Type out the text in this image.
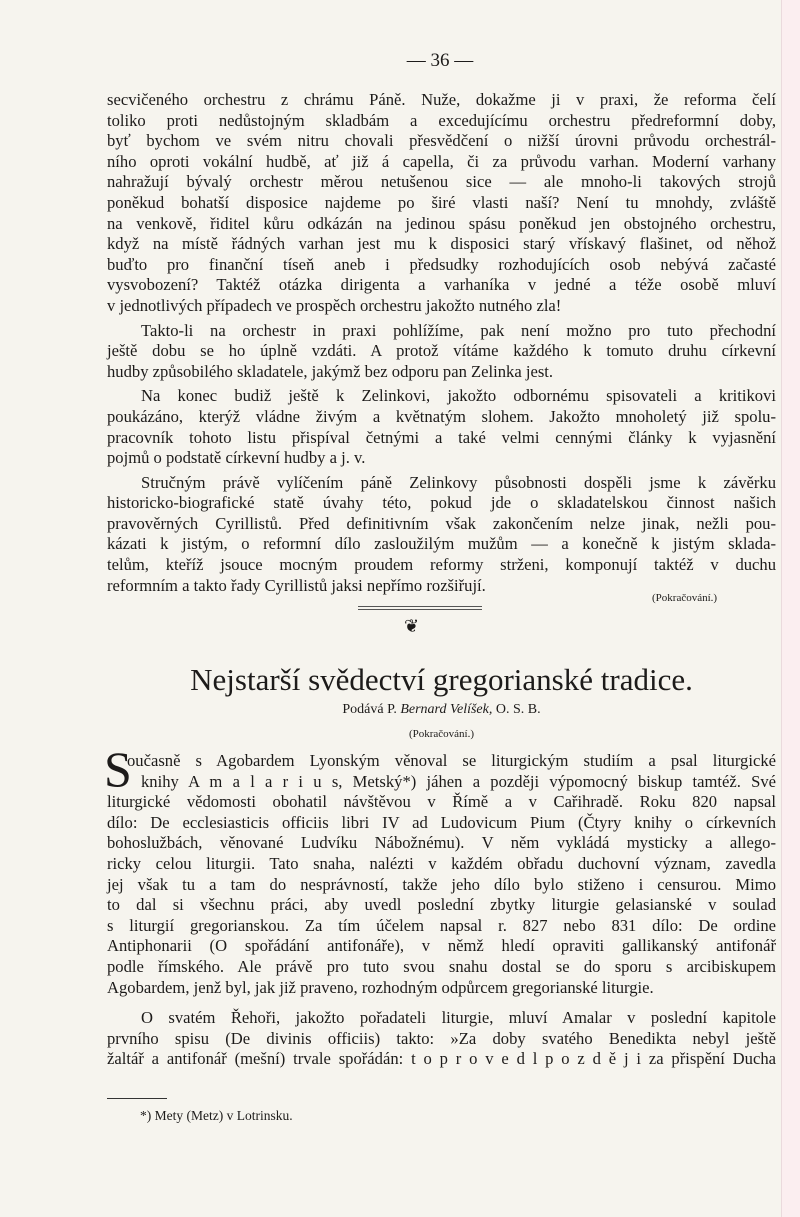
— 36 —
secvičeného orchestru z chrámu Páně. Nuže, dokažme ji v praxi, že reforma čelí
toliko proti nedůstojným skladbám a excedujícímu orchestru předreformní doby,
byť bychom ve svém nitru chovali přesvědčení o nižší úrovni průvodu orchestrál-
ního oproti vokální hudbě, ať již á capella, či za průvodu varhan. Moderní varhany
nahražují bývalý orchestr měrou netušenou sice — ale mnoho-li takových strojů
poněkud bohatší disposice najdeme po širé vlasti naší? Není tu mnohdy, zvláště
na venkově, řiditel kůru odkázán na jedinou spásu poněkud jen obstojného orchestru,
když na místě řádných varhan jest mu k disposici starý vřískavý flašinet, od něhož
buďto pro finanční tíseň aneb i předsudky rozhodujících osob nebývá začasté
vysvobození? Taktéž otázka dirigenta a varhaníka v jedné a téže osobě mluví
v jednotlivých případech ve prospěch orchestru jakožto nutného zla!
Takto-li na orchestr in praxi pohlížíme, pak není možno pro tuto přechodní
ještě dobu se ho úplně vzdáti. A protož vítáme každého k tomuto druhu církevní
hudby způsobilého skladatele, jakýmž bez odporu pan Zelinka jest.
Na konec budiž ještě k Zelinkovi, jakožto odbornému spisovateli a kritikovi
poukázáno, kterýž vládne živým a květnatým slohem. Jakožto mnoholetý již spolu-
pracovník tohoto listu přispíval četnými a také velmi cennými články k vyjasnění
pojmů o podstatě církevní hudby a j. v.
Stručným právě vylíčením páně Zelinkovy působnosti dospěli jsme k závěrku
historicko-biografické statě úvahy této, pokud jde o skladatelskou činnost našich
pravověrných Cyrillistů. Před definitivním však zakončením nelze jinak, nežli pou-
kázati k jistým, o reformní dílo zasloužilým mužům — a konečně k jistým sklada-
telům, kteříž jsouce mocným proudem reformy strženi, komponují taktéž v duchu
reformním a takto řady Cyrillistů jaksi nepřímo rozšiřují.
(Pokračování.)
❦
Nejstarší svědectví gregorianské tradice.
Podává P. Bernard Velíšek, O. S. B.
(Pokračování.)
S
oučasně s Agobardem Lyonským věnoval se liturgickým studiím a psal liturgické
knihy A m a l a r i u s, Metský*) jáhen a později výpomocný biskup tamtéž. Své
liturgické vědomosti obohatil návštěvou v Římě a v Cařihradě. Roku 820 napsal
dílo: De ecclesiasticis officiis libri IV ad Ludovicum Pium (Čtyry knihy o církevních
bohoslužbách, věnované Ludvíku Nábožnému). V něm vykládá mysticky a allego-
ricky celou liturgii. Tato snaha, nalézti v každém obřadu duchovní význam, zavedla
jej však tu a tam do nesprávností, takže jeho dílo bylo stiženo i censurou. Mimo
to dal si všechnu práci, aby uvedl poslední zbytky liturgie gelasianské v soulad
s liturgií gregorianskou. Za tím účelem napsal r. 827 nebo 831 dílo: De ordine
Antiphonarii (O spořádání antifonáře), v němž hledí opraviti gallikanský antifonář
podle římského. Ale právě pro tuto svou snahu dostal se do sporu s arcibiskupem
Agobardem, jenž byl, jak již praveno, rozhodným odpůrcem gregorianské liturgie.
O svatém Řehoři, jakožto pořadateli liturgie, mluví Amalar v poslední kapitole
prvního spisu (De divinis officiis) takto: »Za doby svatého Benedikta nebyl ještě
žaltář a antifonář (mešní) trvale spořádán: t o p r o v e d l p o z d ě j i za přispění Ducha
*) Mety (Metz) v Lotrinsku.
